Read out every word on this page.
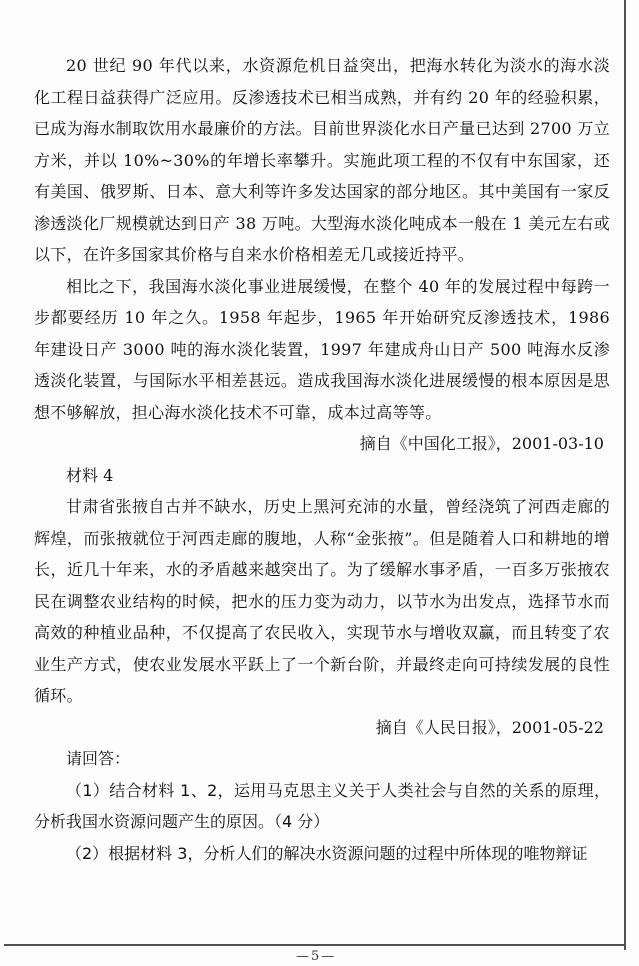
20 世纪 90 年代以来，水资源危机日益突出，把海水转化为淡水的海水淡化工程日益获得广泛应用。反渗透技术已相当成熟，并有约 20 年的经验积累，已成为海水制取饮用水最廉价的方法。目前世界淡化水日产量已达到 2700 万立方米，并以 10%~30%的年增长率攀升。实施此项工程的不仅有中东国家，还有美国、俄罗斯、日本、意大利等许多发达国家的部分地区。其中美国有一家反渗透淡化厂规模就达到日产 38 万吨。大型海水淡化吨成本一般在 1 美元左右或以下，在许多国家其价格与自来水价格相差无几或接近持平。

相比之下，我国海水淡化事业进展缓慢，在整个 40 年的发展过程中每跨一步都要经历 10 年之久。1958 年起步，1965 年开始研究反渗透技术，1986 年建设日产 3000 吨的海水淡化装置，1997 年建成舟山日产 500 吨海水反渗透淡化装置，与国际水平相差甚远。造成我国海水淡化进展缓慢的根本原因是思想不够解放，担心海水淡化技术不可靠，成本过高等等。

摘自《中国化工报》，2001-03-10

材料 4

甘肃省张掖自古并不缺水，历史上黑河充沛的水量，曾经浇筑了河西走廊的辉煌，而张掖就位于河西走廊的腹地，人称“金张掖”。但是随着人口和耕地的增长，近几十年来，水的矛盾越来越突出了。为了缓解水事矛盾，一百多万张掖农民在调整农业结构的时候，把水的压力变为动力，以节水为出发点，选择节水而高效的种植业品种，不仅提高了农民收入，实现节水与增收双赢，而且转变了农业生产方式，使农业发展水平跃上了一个新台阶，并最终走向可持续发展的良性循环。

摘自《人民日报》，2001-05-22

请回答：

（1）结合材料 1、2，运用马克思主义关于人类社会与自然的关系的原理，分析我国水资源问题产生的原因。（4 分）

（2）根据材料 3，分析人们的解决水资源问题的过程中所体现的唯物辩证

—5—
